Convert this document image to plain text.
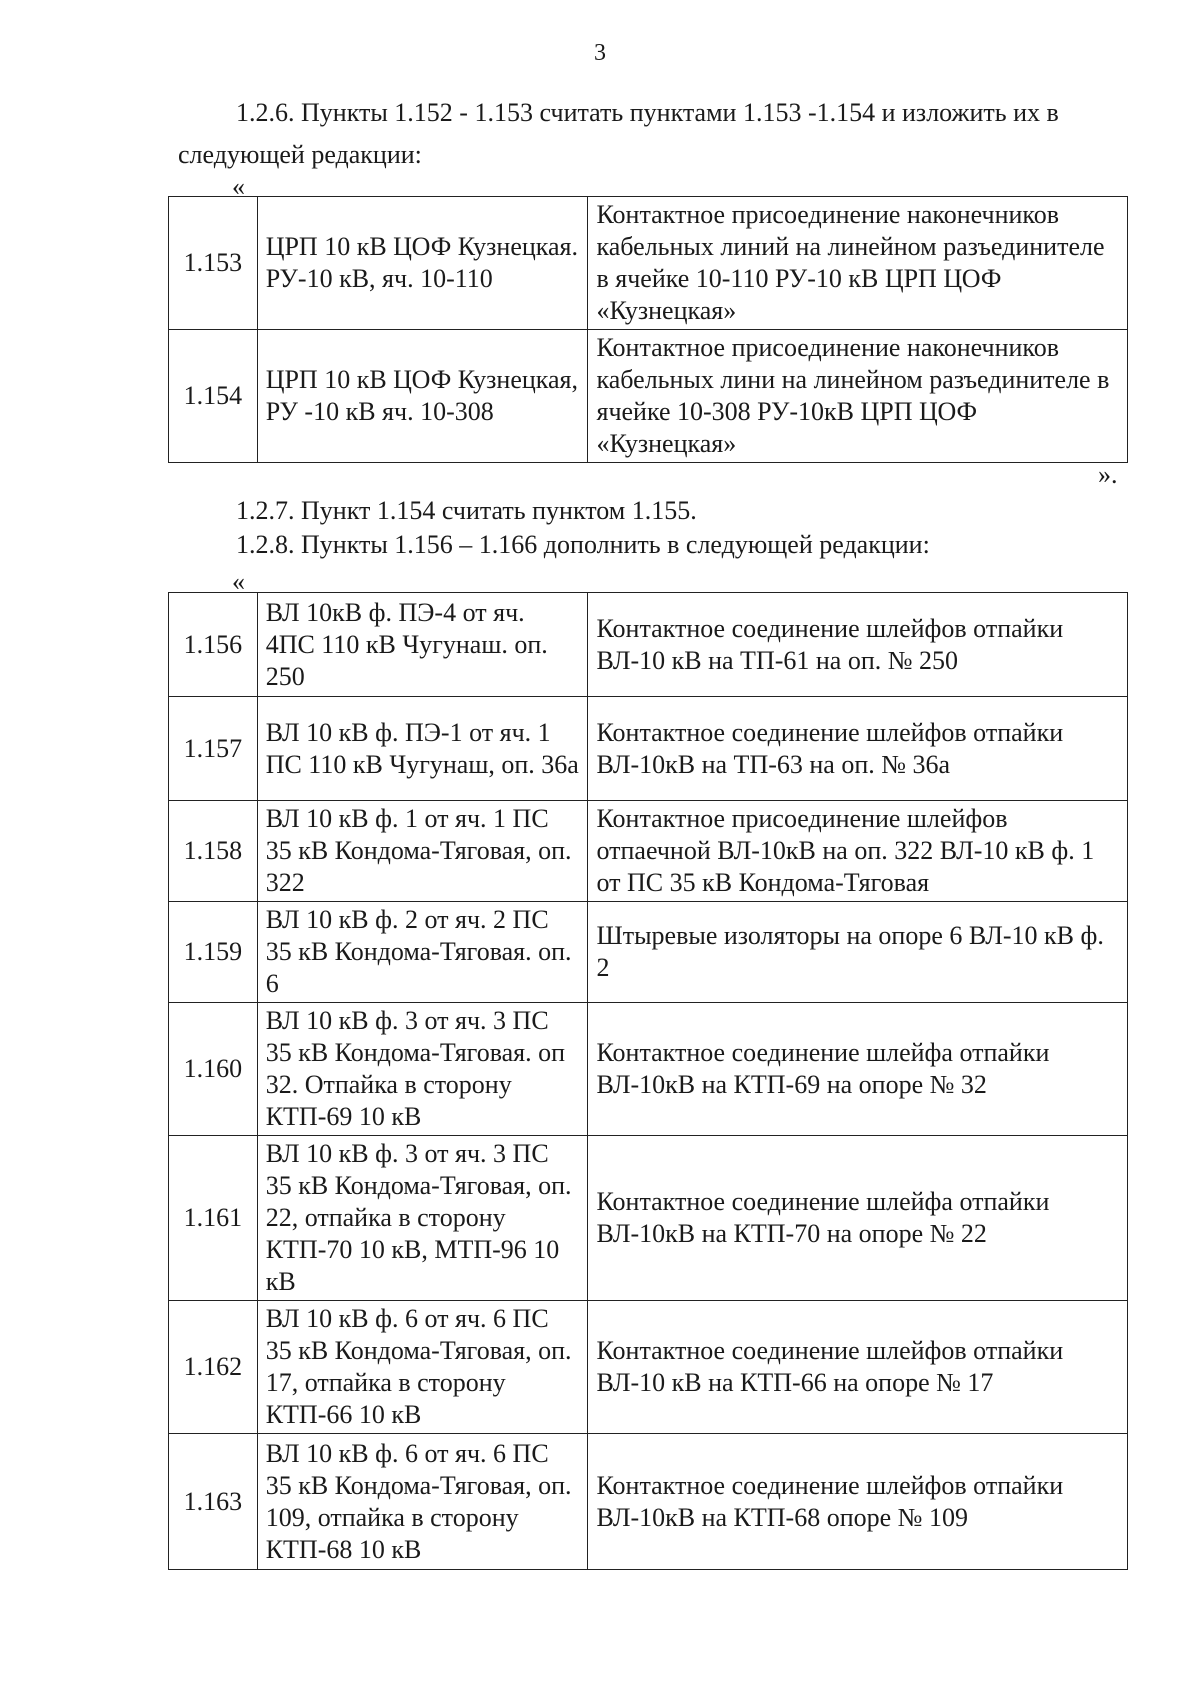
3

1.2.6. Пункты 1.152 - 1.153 считать пунктами 1.153 -1.154 и изложить их в

следующей редакции:

«
1.153	ЦРП 10 кВ ЦОФ Кузнецкая. РУ-10 кВ, яч. 10-110	Контактное присоединение наконечников кабельных линий на линейном разъединителе в ячейке 10-110 РУ-10 кВ ЦРП ЦОФ «Кузнецкая»
1.154	ЦРП 10 кВ ЦОФ Кузнецкая, РУ -10 кВ яч. 10-308	Контактное присоединение наконечников кабельных лини на линейном разъединителе в ячейке 10-308 РУ-10кВ ЦРП ЦОФ «Кузнецкая»
».

1.2.7. Пункт 1.154 считать пунктом 1.155.

1.2.8. Пункты 1.156 – 1.166 дополнить в следующей редакции:

«
1.156	ВЛ 10кВ ф. ПЭ-4 от яч. 4ПС 110 кВ Чугунаш. оп. 250	Контактное соединение шлейфов отпайки ВЛ-10 кВ на ТП-61 на оп. № 250
1.157	ВЛ 10 кВ ф. ПЭ-1 от яч. 1 ПС 110 кВ Чугунаш, оп. 36а	Контактное соединение шлейфов отпайки ВЛ-10кВ на ТП-63 на оп. № 36а
1.158	ВЛ 10 кВ ф. 1 от яч. 1 ПС 35 кВ Кондома-Тяговая, оп. 322	Контактное присоединение шлейфов отпаечной ВЛ-10кВ на оп. 322 ВЛ-10 кВ ф. 1 от ПС 35 кВ Кондома-Тяговая
1.159	ВЛ 10 кВ ф. 2 от яч. 2 ПС 35 кВ Кондома-Тяговая. оп. 6	Штыревые изоляторы на опоре 6 ВЛ-10 кВ ф. 2
1.160	ВЛ 10 кВ ф. 3 от яч. 3 ПС 35 кВ Кондома-Тяговая. оп 32. Отпайка в сторону КТП-69 10 кВ	Контактное соединение шлейфа отпайки ВЛ-10кВ на КТП-69 на опоре № 32
1.161	ВЛ 10 кВ ф. 3 от яч. 3 ПС 35 кВ Кондома-Тяговая, оп. 22, отпайка в сторону КТП-70 10 кВ, МТП-96 10 кВ	Контактное соединение шлейфа отпайки ВЛ-10кВ на КТП-70 на опоре № 22
1.162	ВЛ 10 кВ ф. 6 от яч. 6 ПС 35 кВ Кондома-Тяговая, оп. 17, отпайка в сторону КТП-66 10 кВ	Контактное соединение шлейфов отпайки ВЛ-10 кВ на КТП-66 на опоре № 17
1.163	ВЛ 10 кВ ф. 6 от яч. 6 ПС 35 кВ Кондома-Тяговая, оп. 109, отпайка в сторону КТП-68 10 кВ	Контактное соединение шлейфов отпайки ВЛ-10кВ на КТП-68 опоре № 109
